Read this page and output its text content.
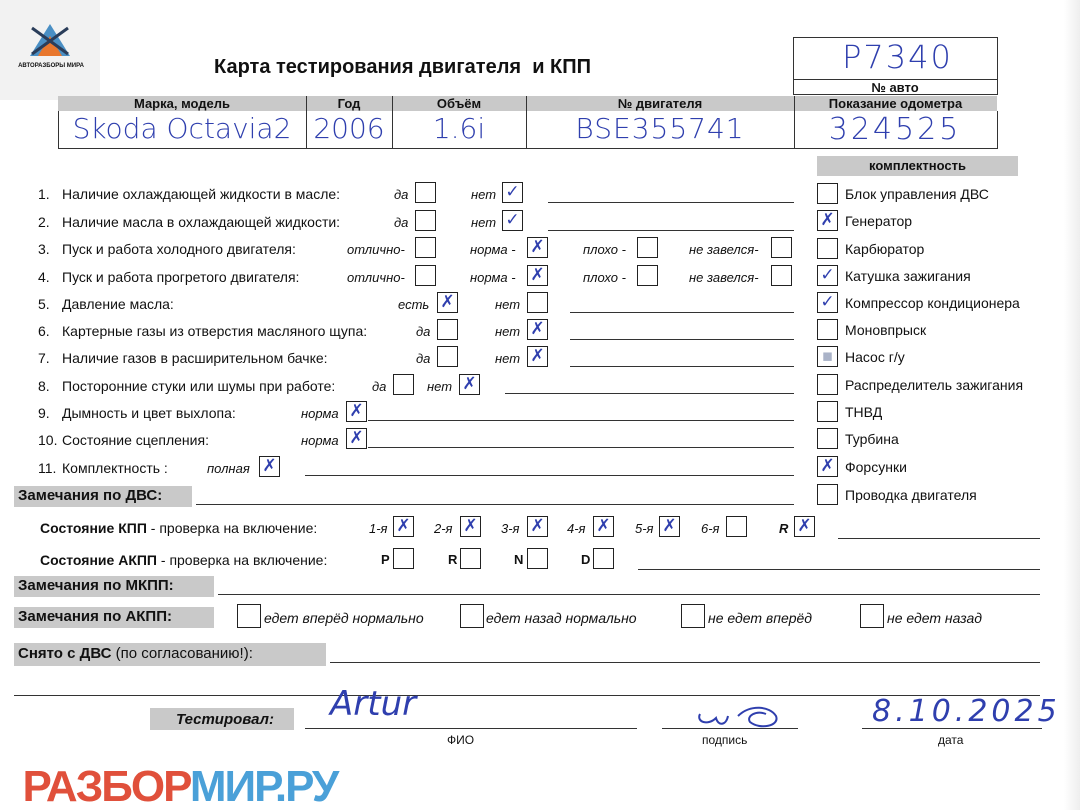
АВТОРАЗБОРЫ МИРА	Карта тестирования двигателя  и КПП	P7340
№ авто
Марка, модель	Год	Объём	№ двигателя	Показание одометра
Skoda Octavia2 2006	1.6i	BSE355741	324525
комплектность
1. Наличие охлаждающей жидкости в масле:	да	нет ✓
2. Наличие масла в охлаждающей жидкости:	да	нет ✓
3. Пуск и работа холодного двигателя:	отлично-	норма - ✗	плохо -	не завелся-
4. Пуск и работа прогретого двигателя:	отлично-	норма - ✗	плохо -	не завелся-
5. Давление масла:	есть ✗	нет
6. Картерные газы из отверстия масляного щупа:	да	нет ✗
7. Наличие газов в расширительном бачке:	да	нет ✗
8. Посторонние стуки или шумы при работе:	да	нет ✗
9. Дымность и цвет выхлопа:	норма ✗
10. Состояние сцепления:	норма ✗
11. Комплектность :	полная ✗
Блок управления ДВС
✗ Генератор
Карбюратор
✓ Катушка зажигания
✓ Компрессор кондиционера
Моновпрыск
▪ Насос г/у
Распределитель зажигания
ТНВД
Турбина
✗ Форсунки
Проводка двигателя
Замечания по ДВС:
Состояние КПП - проверка на включение:	1-я ✗ 2-я ✗ 3-я ✗ 4-я ✗ 5-я ✗ 6-я	R ✗
Состояние АКПП - проверка на включение:	P	R	N	D
Замечания по МКПП:
Замечания по АКПП:	едет вперёд нормально	едет назад нормально	не едет вперёд	не едет назад
Снято с ДВС (по согласованию!):
Тестировал: Artur
ФИО	подпись
8.10.2025
дата

РАЗБОРМИР.РУ
